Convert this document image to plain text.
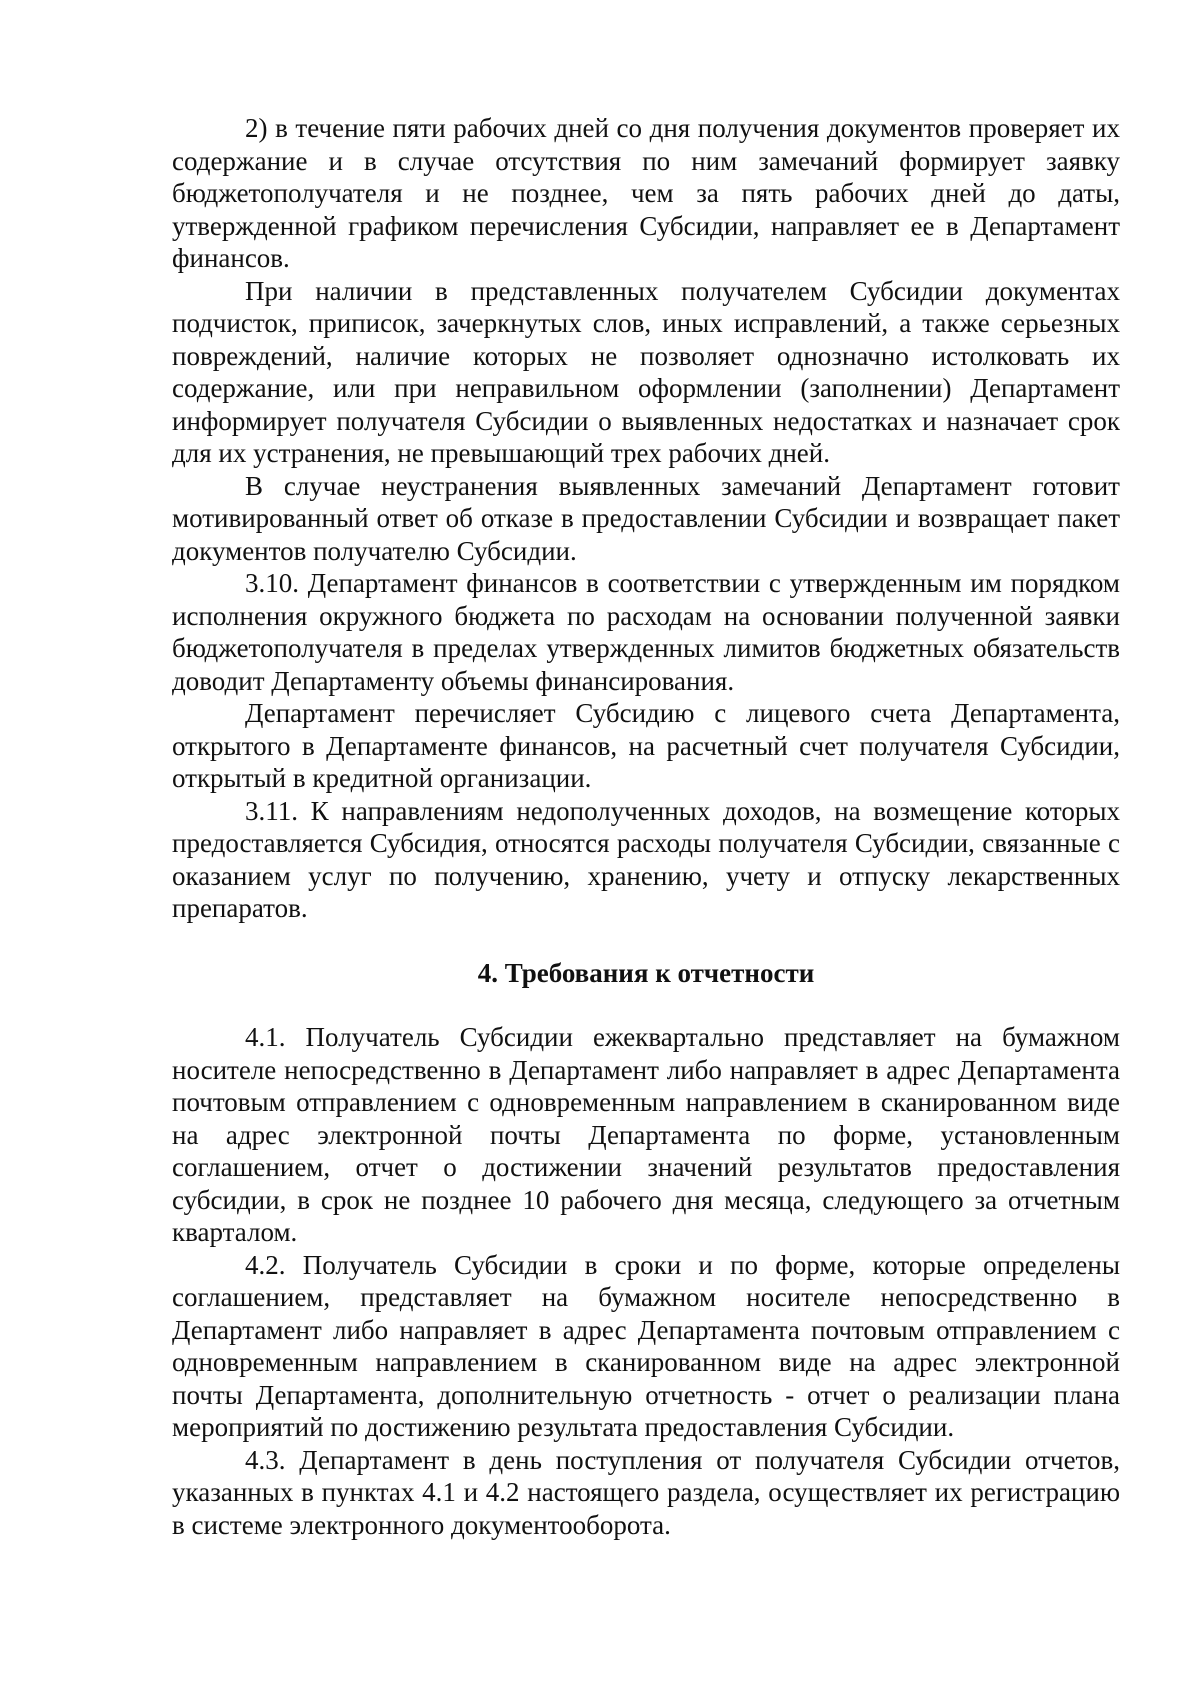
2) в течение пяти рабочих дней со дня получения документов проверяет их содержание и в случае отсутствия по ним замечаний формирует заявку бюджетополучателя и не позднее, чем за пять рабочих дней до даты, утвержденной графиком перечисления Субсидии, направляет ее в Департамент финансов.

При наличии в представленных получателем Субсидии документах подчисток, приписок, зачеркнутых слов, иных исправлений, а также серьезных повреждений, наличие которых не позволяет однозначно истолковать их содержание, или при неправильном оформлении (заполнении) Департамент информирует получателя Субсидии о выявленных недостатках и назначает срок для их устранения, не превышающий трех рабочих дней.

В случае неустранения выявленных замечаний Департамент готовит мотивированный ответ об отказе в предоставлении Субсидии и возвращает пакет документов получателю Субсидии.

3.10. Департамент финансов в соответствии с утвержденным им порядком исполнения окружного бюджета по расходам на основании полученной заявки бюджетополучателя в пределах утвержденных лимитов бюджетных обязательств доводит Департаменту объемы финансирования.

Департамент перечисляет Субсидию с лицевого счета Департамента, открытого в Департаменте финансов, на расчетный счет получателя Субсидии, открытый в кредитной организации.

3.11. К направлениям недополученных доходов, на возмещение которых предоставляется Субсидия, относятся расходы получателя Субсидии, связанные с оказанием услуг по получению, хранению, учету и отпуску лекарственных препаратов.

4. Требования к отчетности

4.1. Получатель Субсидии ежеквартально представляет на бумажном носителе непосредственно в Департамент либо направляет в адрес Департамента почтовым отправлением с одновременным направлением в сканированном виде на адрес электронной почты Департамента по форме, установленным соглашением, отчет о достижении значений результатов предоставления субсидии, в срок не позднее 10 рабочего дня месяца, следующего за отчетным кварталом.

4.2. Получатель Субсидии в сроки и по форме, которые определены соглашением, представляет на бумажном носителе непосредственно в Департамент либо направляет в адрес Департамента почтовым отправлением с одновременным направлением в сканированном виде на адрес электронной почты Департамента, дополнительную отчетность - отчет о реализации плана мероприятий по достижению результата предоставления Субсидии.

4.3. Департамент в день поступления от получателя Субсидии отчетов, указанных в пунктах 4.1 и 4.2 настоящего раздела, осуществляет их регистрацию в системе электронного документооборота.
